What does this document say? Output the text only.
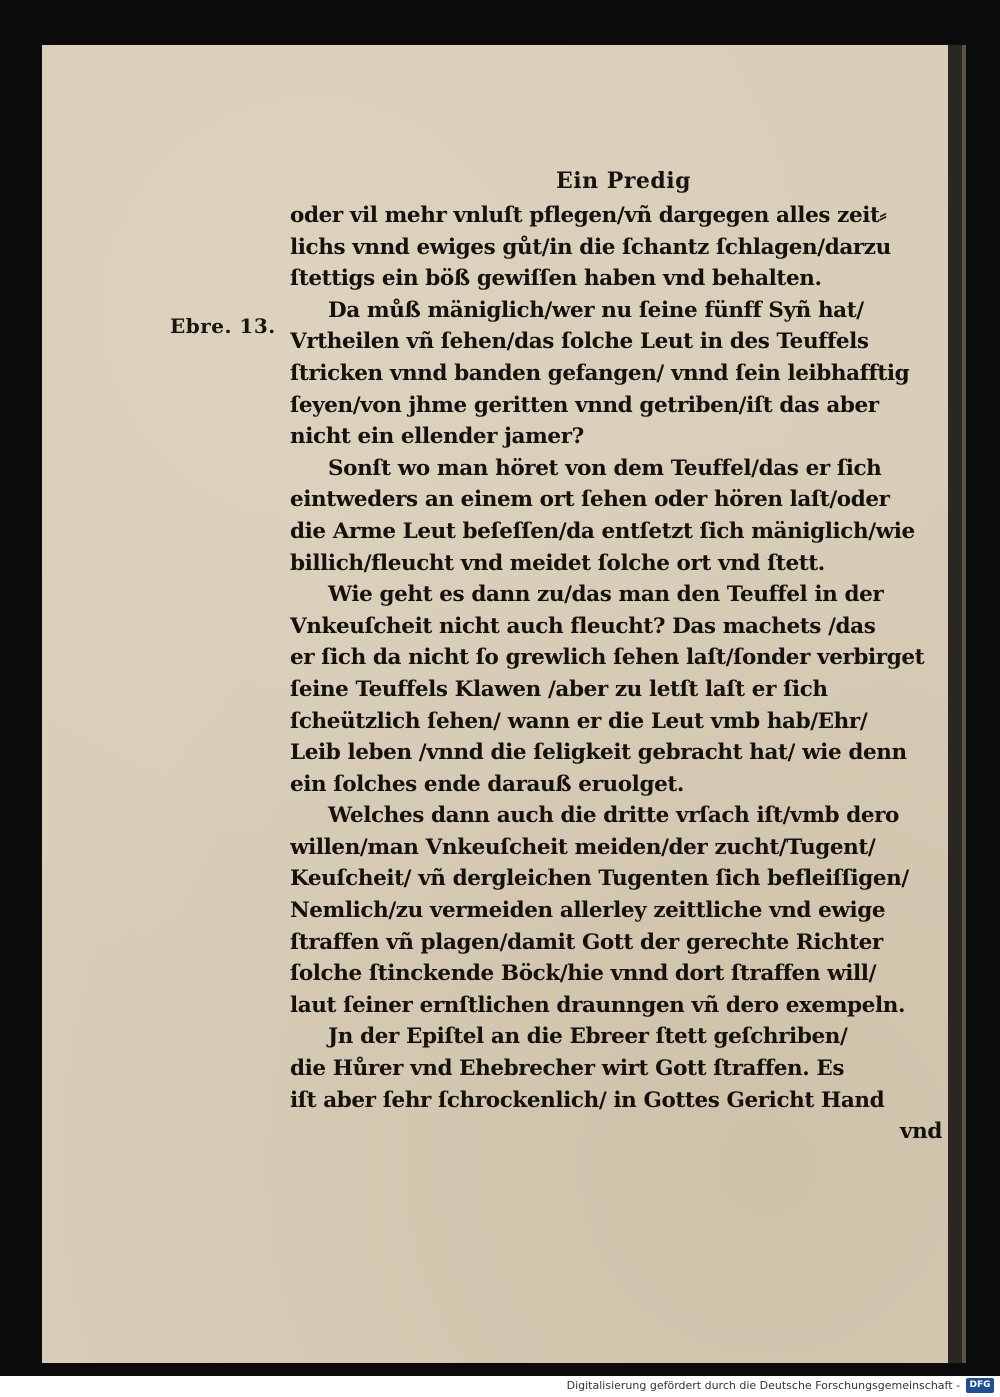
Ein Predig
Ebre. 13.
oder vil mehr vnluſt pflegen/vñ dargegen alles zeit⸗
lichs vnnd ewiges gůt/in die ſchantz ſchlagen/darzu
ſtettigs ein böß gewiſſen haben vnd behalten.
Da můß mäniglich/wer nu ſeine fünff Syñ hat/
Vrtheilen vñ ſehen/das ſolche Leut in des Teuffels
ſtricken vnnd banden gefangen/ vnnd ſein leibhafftig
ſeyen/von jhme geritten vnnd getriben/iſt das aber
nicht ein ellender jamer?
Sonſt wo man höret von dem Teuffel/das er ſich
eintweders an einem ort ſehen oder hören laſt/oder
die Arme Leut beſeſſen/da entſetzt ſich mäniglich/wie
billich/fleucht vnd meidet ſolche ort vnd ſtett.
Wie geht es dann zu/das man den Teuffel in der
Vnkeuſcheit nicht auch fleucht? Das machets /das
er ſich da nicht ſo grewlich ſehen laſt/ſonder verbirget
ſeine Teuffels Klawen /aber zu letſt laſt er ſich
ſcheützlich ſehen/ wann er die Leut vmb hab/Ehr/
Leib leben /vnnd die ſeligkeit gebracht hat/ wie denn
ein ſolches ende darauß eruolget.
Welches dann auch die dritte vrſach iſt/vmb dero
willen/man Vnkeuſcheit meiden/der zucht/Tugent/
Keuſcheit/ vñ dergleichen Tugenten ſich befleiſſigen/
Nemlich/zu vermeiden allerley zeittliche vnd ewige
ſtraffen vñ plagen/damit Gott der gerechte Richter
ſolche ſtinckende Böck/hie vnnd dort ſtraffen will/
laut ſeiner ernſtlichen draunngen vñ dero exempeln.
Jn der Epiſtel an die Ebreer ſtett geſchriben/
die Hůrer vnd Ehebrecher wirt Gott ſtraffen. Es
iſt aber ſehr ſchrockenlich/ in Gottes Gericht Hand
vnd
Digitalisierung gefördert durch die Deutsche Forschungsgemeinschaft -	DFG
